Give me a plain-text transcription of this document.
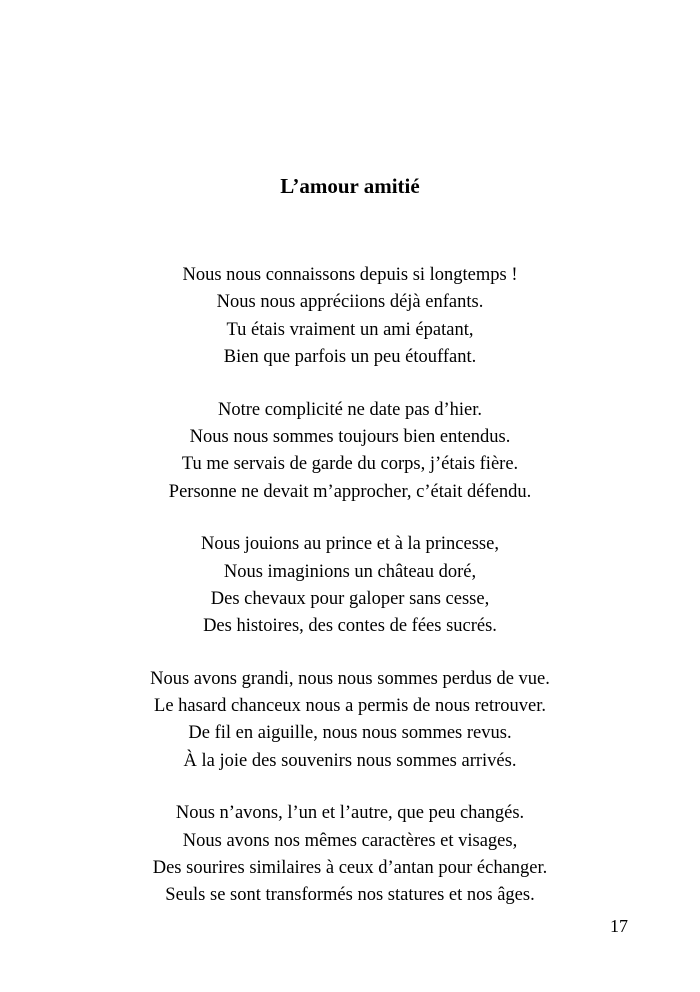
L’amour amitié
Nous nous connaissons depuis si longtemps !
Nous nous appréciions déjà enfants.
Tu étais vraiment un ami épatant,
Bien que parfois un peu étouffant.
Notre complicité ne date pas d’hier.
Nous nous sommes toujours bien entendus.
Tu me servais de garde du corps, j’étais fière.
Personne ne devait m’approcher, c’était défendu.
Nous jouions au prince et à la princesse,
Nous imaginions un château doré,
Des chevaux pour galoper sans cesse,
Des histoires, des contes de fées sucrés.
Nous avons grandi, nous nous sommes perdus de vue.
Le hasard chanceux nous a permis de nous retrouver.
De fil en aiguille, nous nous sommes revus.
À la joie des souvenirs nous sommes arrivés.
Nous n’avons, l’un et l’autre, que peu changés.
Nous avons nos mêmes caractères et visages,
Des sourires similaires à ceux d’antan pour échanger.
Seuls se sont transformés nos statures et nos âges.
17
